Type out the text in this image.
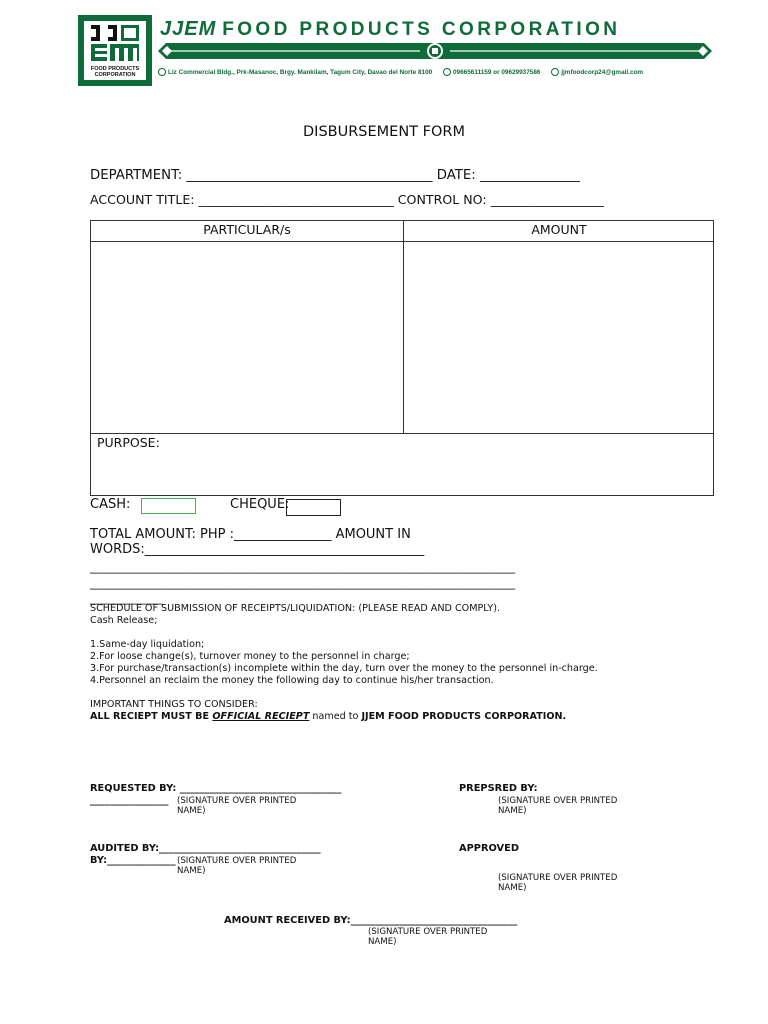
FOOD PRODUCTS CORPORATION
JJEM FOOD PRODUCTS CORPORATION
Liz Commercial Bldg., Prk-Masanoc, Brgy. Mankilam, Tagum City, Davao del Norte 8100	09665611159 or 09629937586	jjmfoodcorp24@gmail.com
DISBURSEMENT FORM
DEPARTMENT: _____________________________________ DATE: _______________
ACCOUNT TITLE: _______________________________ CONTROL NO: __________________
PARTICULAR/s	AMOUNT
PURPOSE:
CASH:	CHEQUE:
TOTAL AMOUNT: PHP :_______________ AMOUNT IN
WORDS:___________________________________________
____________________________________________________________________________
____________________________________________________________________________
_____________
SCHEDULE OF SUBMISSION OF RECEIPTS/LIQUIDATION: (PLEASE READ AND COMPLY).
Cash Release;
1.Same-day liquidation;
2.For loose change(s), turnover money to the personnel in charge;
3.For purchase/transaction(s) incomplete within the day, turn over the money to the personnel in-charge.
4.Personnel an reclaim the money the following day to continue his/her transaction.
IMPORTANT THINGS TO CONSIDER:
ALL RECIEPT MUST BE OFFICIAL RECIEPT named to JJEM FOOD PRODUCTS CORPORATION.
REQUESTED BY: _________________________________
________________ (SIGNATURE OVER PRINTED
NAME)
PREPSRED BY:
(SIGNATURE OVER PRINTED
NAME)
AUDITED BY:_________________________________
BY:______________ (SIGNATURE OVER PRINTED
NAME)
APPROVED
(SIGNATURE OVER PRINTED
NAME)
AMOUNT RECEIVED BY:__________________________________
(SIGNATURE OVER PRINTED
NAME)
